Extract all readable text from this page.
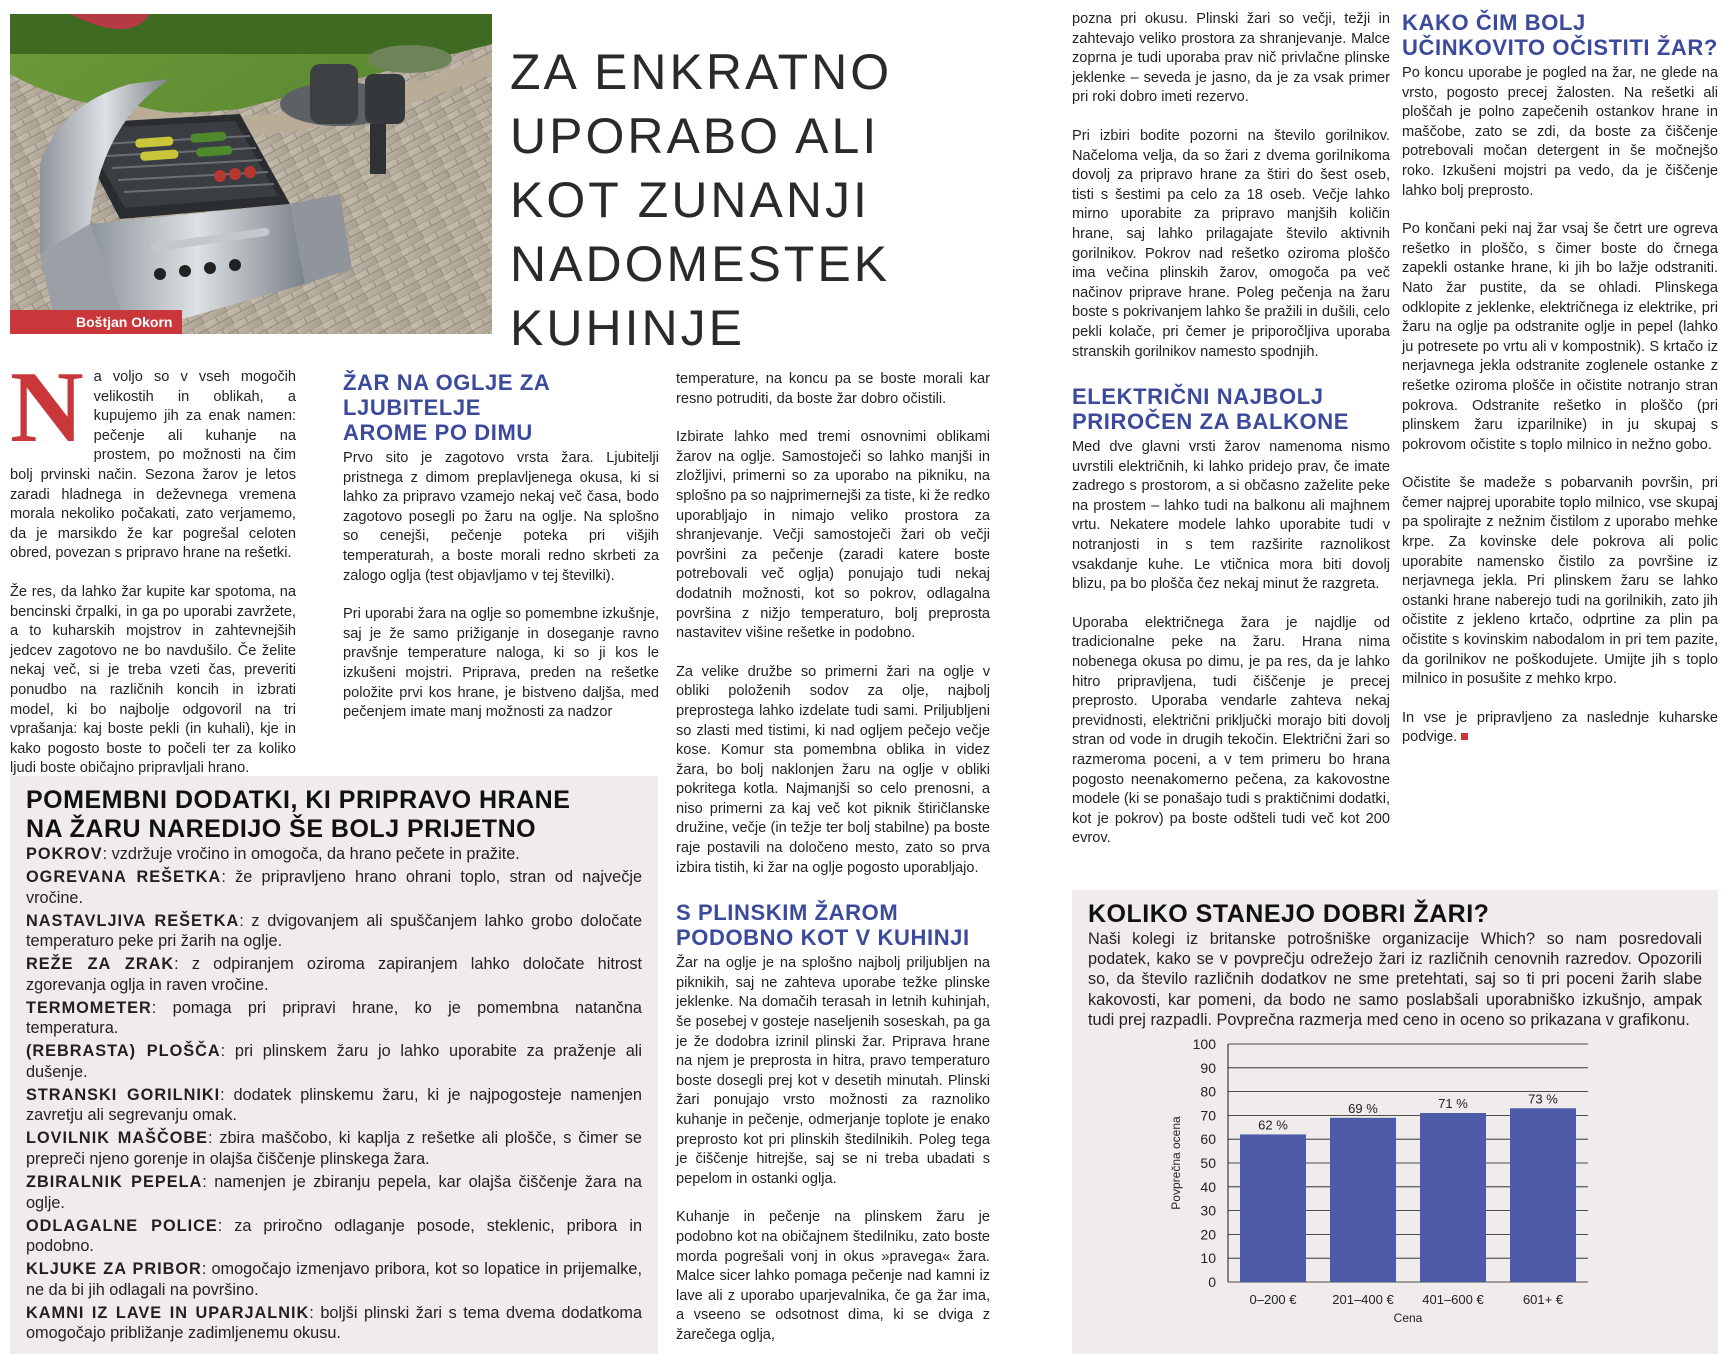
Boštjan Okorn
ZA ENKRATNO UPORABO ALI KOT ZUNANJI NADOMESTEK KUHINJE

Na voljo so v vseh mogočih velikostih in oblikah, a kupujemo jih za enak namen: pečenje ali kuhanje na prostem, po možnosti na čim bolj prvinski način. Sezona žarov je letos zaradi hladnega in deževnega vremena morala nekoliko počakati, zato verjamemo, da je marsikdo že kar pogrešal celoten obred, povezan s pripravo hrane na rešetki.

Že res, da lahko žar kupite kar spotoma, na bencinski črpalki, in ga po uporabi zavržete, a to kuharskih mojstrov in zahtevnejših jedcev zagotovo ne bo navdušilo. Če želite nekaj več, si je treba vzeti čas, preveriti ponudbo na različnih koncih in izbrati model, ki bo najbolje odgovoril na tri vprašanja: kaj boste pekli (in kuhali), kje in kako pogosto boste to počeli ter za koliko ljudi boste običajno pripravljali hrano.

ŽAR NA OGLJE ZA LJUBITELJE AROME PO DIMU

Prvo sito je zagotovo vrsta žara. Ljubitelji pristnega z dimom preplavljenega okusa, ki si lahko za pripravo vzamejo nekaj več časa, bodo zagotovo posegli po žaru na oglje. Na splošno so cenejši, pečenje poteka pri višjih temperaturah, a boste morali redno skrbeti za zalogo oglja (test objavljamo v tej številki).

Pri uporabi žara na oglje so pomembne izkušnje, saj je že samo prižiganje in doseganje ravno pravšnje temperature naloga, ki so ji kos le izkušeni mojstri. Priprava, preden na rešetke položite prvi kos hrane, je bistveno daljša, med pečenjem imate manj možnosti za nadzor

temperature, na koncu pa se boste morali kar resno potruditi, da boste žar dobro očistili.

Izbirate lahko med tremi osnovnimi oblikami žarov na oglje. Samostoječi so lahko manjši in zložljivi, primerni so za uporabo na pikniku, na splošno pa so najprimernejši za tiste, ki že redko uporabljajo in nimajo veliko prostora za shranjevanje. Večji samostoječi žari ob večji površini za pečenje (zaradi katere boste potrebovali več oglja) ponujajo tudi nekaj dodatnih možnosti, kot so pokrov, odlagalna površina z nižjo temperaturo, bolj preprosta nastavitev višine rešetke in podobno.

Za velike družbe so primerni žari na oglje v obliki položenih sodov za olje, najbolj preprostega lahko izdelate tudi sami. Priljubljeni so zlasti med tistimi, ki nad ogljem pečejo večje kose. Komur sta pomembna oblika in videz žara, bo bolj naklonjen žaru na oglje v obliki pokritega kotla. Najmanjši so celo prenosni, a niso primerni za kaj več kot piknik štiričlanske družine, večje (in težje ter bolj stabilne) pa boste raje postavili na določeno mesto, zato so prva izbira tistih, ki žar na oglje pogosto uporabljajo.

S PLINSKIM ŽAROM PODOBNO KOT V KUHINJI

Žar na oglje je na splošno najbolj priljubljen na piknikih, saj ne zahteva uporabe težke plinske jeklenke. Na domačih terasah in letnih kuhinjah, še posebej v gosteje naseljenih soseskah, pa ga je že dodobra izrinil plinski žar. Priprava hrane na njem je preprosta in hitra, pravo temperaturo boste dosegli prej kot v desetih minutah. Plinski žari ponujajo vrsto možnosti za raznoliko kuhanje in pečenje, odmerjanje toplote je enako preprosto kot pri plinskih štedilnikih. Poleg tega je čiščenje hitrejše, saj se ni treba ubadati s pepelom in ostanki oglja.

Kuhanje in pečenje na plinskem žaru je podobno kot na običajnem štedilniku, zato boste morda pogrešali vonj in okus »pravega« žara. Malce sicer lahko pomaga pečenje nad kamni iz lave ali z uporabo uparjevalnika, če ga žar ima, a vseeno se odsotnost dima, ki se dviga z žarečega oglja,

pozna pri okusu. Plinski žari so večji, težji in zahtevajo veliko prostora za shranjevanje. Malce zoprna je tudi uporaba prav nič privlačne plinske jeklenke – seveda je jasno, da je za vsak primer pri roki dobro imeti rezervo.

Pri izbiri bodite pozorni na število gorilnikov. Načeloma velja, da so žari z dvema gorilnikoma dovolj za pripravo hrane za štiri do šest oseb, tisti s šestimi pa celo za 18 oseb. Večje lahko mirno uporabite za pripravo manjših količin hrane, saj lahko prilagajate število aktivnih gorilnikov. Pokrov nad rešetko oziroma ploščo ima večina plinskih žarov, omogoča pa več načinov priprave hrane. Poleg pečenja na žaru boste s pokrivanjem lahko še pražili in dušili, celo pekli kolače, pri čemer je priporočljiva uporaba stranskih gorilnikov namesto spodnjih.

ELEKTRIČNI NAJBOLJ PRIROČEN ZA BALKONE

Med dve glavni vrsti žarov namenoma nismo uvrstili električnih, ki lahko pridejo prav, če imate zadrego s prostorom, a si občasno zaželite peke na prostem – lahko tudi na balkonu ali majhnem vrtu. Nekatere modele lahko uporabite tudi v notranjosti in s tem razširite raznolikost vsakdanje kuhe. Le vtičnica mora biti dovolj blizu, pa bo plošča čez nekaj minut že razgreta.

Uporaba električnega žara je najdlje od tradicionalne peke na žaru. Hrana nima nobenega okusa po dimu, je pa res, da je lahko hitro pripravljena, tudi čiščenje je precej preprosto. Uporaba vendarle zahteva nekaj previdnosti, električni priključki morajo biti dovolj stran od vode in drugih tekočin. Električni žari so razmeroma poceni, a v tem primeru bo hrana pogosto neenakomerno pečena, za kakovostne modele (ki se ponašajo tudi s praktičnimi dodatki, kot je pokrov) pa boste odšteli tudi več kot 200 evrov.

KAKO ČIM BOLJ UČINKOVITO OČISTITI ŽAR?

Po koncu uporabe je pogled na žar, ne glede na vrsto, pogosto precej žalosten. Na rešetki ali ploščah je polno zapečenih ostankov hrane in maščobe, zato se zdi, da boste za čiščenje potrebovali močan detergent in še močnejšo roko. Izkušeni mojstri pa vedo, da je čiščenje lahko bolj preprosto.

Po končani peki naj žar vsaj še četrt ure ogreva rešetko in ploščo, s čimer boste do črnega zapekli ostanke hrane, ki jih bo lažje odstraniti. Nato žar pustite, da se ohladi. Plinskega odklopite z jeklenke, električnega iz elektrike, pri žaru na oglje pa odstranite oglje in pepel (lahko ju potresete po vrtu ali v kompostnik). S krtačo iz nerjavnega jekla odstranite zoglenele ostanke z rešetke oziroma plošče in očistite notranjo stran pokrova. Odstranite rešetko in ploščo (pri plinskem žaru izparilnike) in ju skupaj s pokrovom očistite s toplo milnico in nežno gobo.

Očistite še madeže s pobarvanih površin, pri čemer najprej uporabite toplo milnico, vse skupaj pa spolirajte z nežnim čistilom z uporabo mehke krpe. Za kovinske dele pokrova ali polic uporabite namensko čistilo za površine iz nerjavnega jekla. Pri plinskem žaru se lahko ostanki hrane naberejo tudi na gorilnikih, zato jih očistite z jekleno krtačo, odprtine za plin pa očistite s kovinskim nabodalom in pri tem pazite, da gorilnikov ne poškodujete. Umijte jih s toplo milnico in posušite z mehko krpo.

In vse je pripravljeno za naslednje kuharske podvige.

POMEMBNI DODATKI, KI PRIPRAVO HRANE
NA ŽARU NAREDIJO ŠE BOLJ PRIJETNO
POKROV: vzdržuje vročino in omogoča, da hrano pečete in pražite.
OGREVANA REŠETKA: že pripravljeno hrano ohrani toplo, stran od največje vročine.
NASTAVLJIVA REŠETKA: z dvigovanjem ali spuščanjem lahko grobo določate temperaturo peke pri žarih na oglje.
REŽE ZA ZRAK: z odpiranjem oziroma zapiranjem lahko določate hitrost zgorevanja oglja in raven vročine.
TERMOMETER: pomaga pri pripravi hrane, ko je pomembna natančna temperatura.
(REBRASTA) PLOŠČA: pri plinskem žaru jo lahko uporabite za praženje ali dušenje.
STRANSKI GORILNIKI: dodatek plinskemu žaru, ki je najpogosteje namenjen zavretju ali segrevanju omak.
LOVILNIK MAŠČOBE: zbira maščobo, ki kaplja z rešetke ali plošče, s čimer se prepreči njeno gorenje in olajša čiščenje plinskega žara.
ZBIRALNIK PEPELA: namenjen je zbiranju pepela, kar olajša čiščenje žara na oglje.
ODLAGALNE POLICE: za priročno odlaganje posode, steklenic, pribora in podobno.
KLJUKE ZA PRIBOR: omogočajo izmenjavo pribora, kot so lopatice in prijemalke, ne da bi jih odlagali na površino.
KAMNI IZ LAVE IN UPARJALNIK: boljši plinski žari s tema dvema dodatkoma omogočajo približanje zadimljenemu okusu.
KOLIKO STANEJO DOBRI ŽARI?

Naši kolegi iz britanske potrošniške organizacije Which? so nam posredovali podatek, kako se v povprečju odrežejo žari iz različnih cenovnih razredov. Opozorili so, da število različnih dodatkov ne sme pretehtati, saj so ti pri poceni žarih slabe kakovosti, kar pomeni, da bodo ne samo poslabšali uporabniško izkušnjo, ampak tudi prej razpadli. Povprečna razmerja med ceno in oceno so prikazana v grafikonu.

0
10
20
30
40
50
60
70
80
90
100
62 %
0–200 €
69 %
201–400 €
71 %
401–600 €
73 %
601+ €
Cena
Povprečna ocena
